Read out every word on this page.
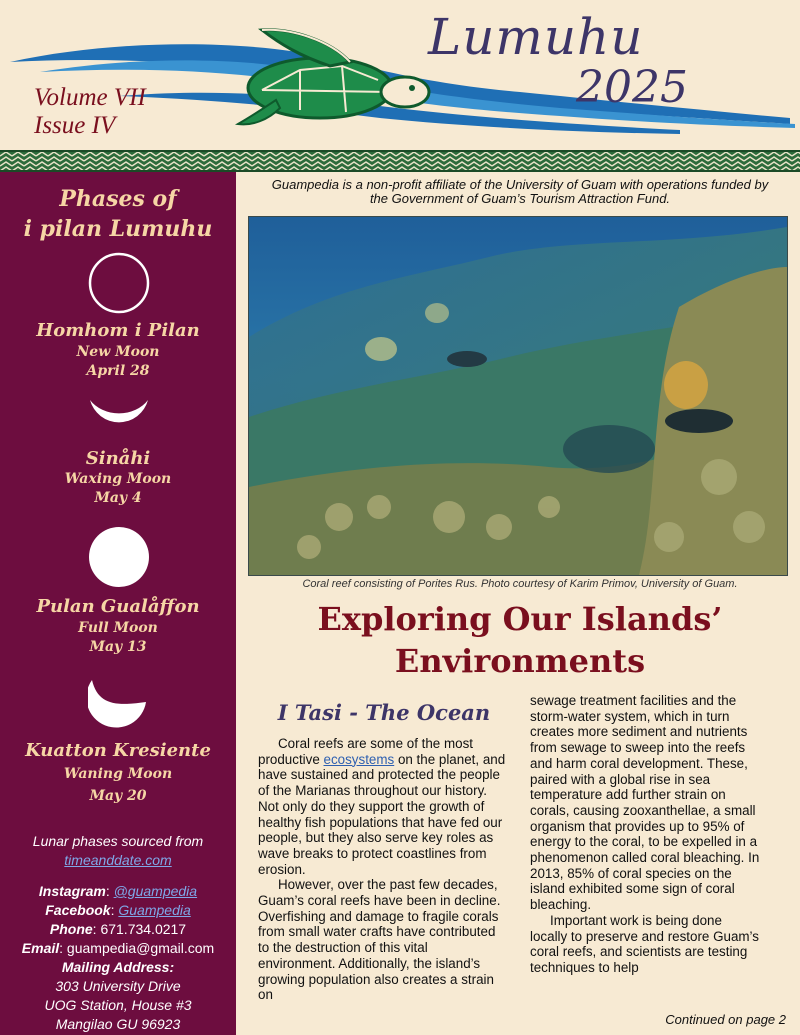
Lumuhu
2025
Volume VII
Issue IV
Phases of
i pilan Lumuhu
Homhom i Pilan
New Moon
April 28
Sinåhi
Waxing Moon
May 4
Pulan Gualåffon
Full Moon
May 13
Kuatton Kresiente
Waning Moon
May 20
Lunar phases sourced from
timeanddate.com
Instagram: @guampedia
Facebook: Guampedia
Phone: 671.734.0217
Email: guampedia@gmail.com
Mailing Address:
303 University Drive
UOG Station, House #3
Mangilao GU 96923
Guampedia is a non-profit affiliate of the University of Guam with operations funded by
the Government of Guam’s Tourism Attraction Fund.
Coral reef consisting of Porites Rus. Photo courtesy of Karim Primov, University of Guam.
Exploring Our Islands’
Environments
I Tasi - The Ocean

Coral reefs are some of the most productive ecosystems on the planet, and have sustained and protected the people of the Marianas throughout our history. Not only do they support the growth of healthy fish populations that have fed our people, but they also serve key roles as wave breaks to protect coastlines from erosion.

However, over the past few decades, Guam’s coral reefs have been in decline. Overfishing and damage to fragile corals from small water crafts have contributed to the destruction of this vital environment. Additionally, the island’s growing population also creates a strain on

sewage treatment facilities and the storm-water system, which in turn creates more sediment and nutrients from sewage to sweep into the reefs and harm coral development. These, paired with a global rise in sea temperature add further strain on corals, causing zooxanthellae, a small organism that provides up to 95% of energy to the coral, to be expelled in a phenomenon called coral bleaching. In 2013, 85% of coral species on the island exhibited some sign of coral bleaching.

Important work is being done locally to preserve and restore Guam’s coral reefs, and scientists are testing techniques to help

Continued on page 2
